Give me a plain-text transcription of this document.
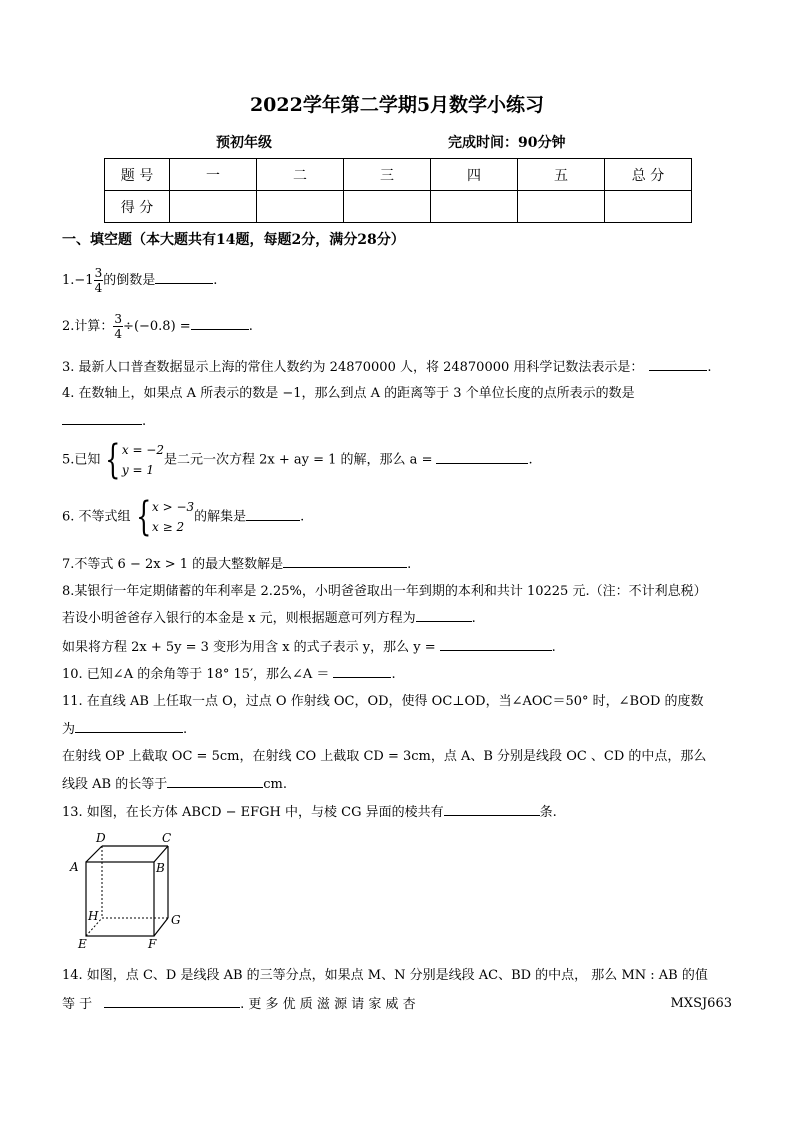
2022学年第二学期5月数学小练习
预初年级	完成时间：90分钟
题 号	一	二	三	四	五	总 分
得 分						
一、填空题（本大题共有14题，每题2分，满分28分）
$1.-1 \frac{3}{4}$ 的倒数是	.
2.计算： $\frac{3}{4} \div(-0.8)$ =	.
3. 最新人口普查数据显示上海的常住人数约为 24870000 人，将 24870000 用科学记数法表示是：	.
4. 在数轴上，如果点 A 所表示的数是 −1，那么到点 A 的距离等于 3 个单位长度的点所表示的数是
.
5.已知 { x = −2
y = 1
是二元一次方程 2x + ay = 1 的解，那么 a =	.
6. 不等式组 { x > −3
x ≥ 2
的解集是	.
7.不等式 6 − 2x > 1 的最大整数解是	.
8.某银行一年定期储蓄的年利率是 2.25%，小明爸爸取出一年到期的本利和共计 10225 元.（注：不计利息税）
若设小明爸爸存入银行的本金是 x 元，则根据题意可列方程为	.
如果将方程 2x + 5y = 3 变形为用含 x 的式子表示 y，那么 y =	.
10. 已知∠A 的余角等于 18° 15′，那么∠A ＝	.
11. 在直线 AB 上任取一点 O，过点 O 作射线 OC，OD，使得 OC⊥OD，当∠AOC＝50° 时，∠BOD 的度数
为	.
在射线 OP 上截取 OC = 5cm，在射线 CO 上截取 CD = 3cm，点 A、B 分别是线段 OC 、CD 的中点，那么
线段 AB 的长等于	cm.
13. 如图，在长方体 ABCD − EFGH 中，与棱 CG 异面的棱共有	条.
A	B
C
D
E	F
G
H
14. 如图，点 C、D 是线段 AB 的三等分点，如果点 M、N 分别是线段 AC、BD 的中点， 那么 MN : AB 的值
等 于	. 更 多 优 质 滋 源 请 家 威 杏	MXSJ663
